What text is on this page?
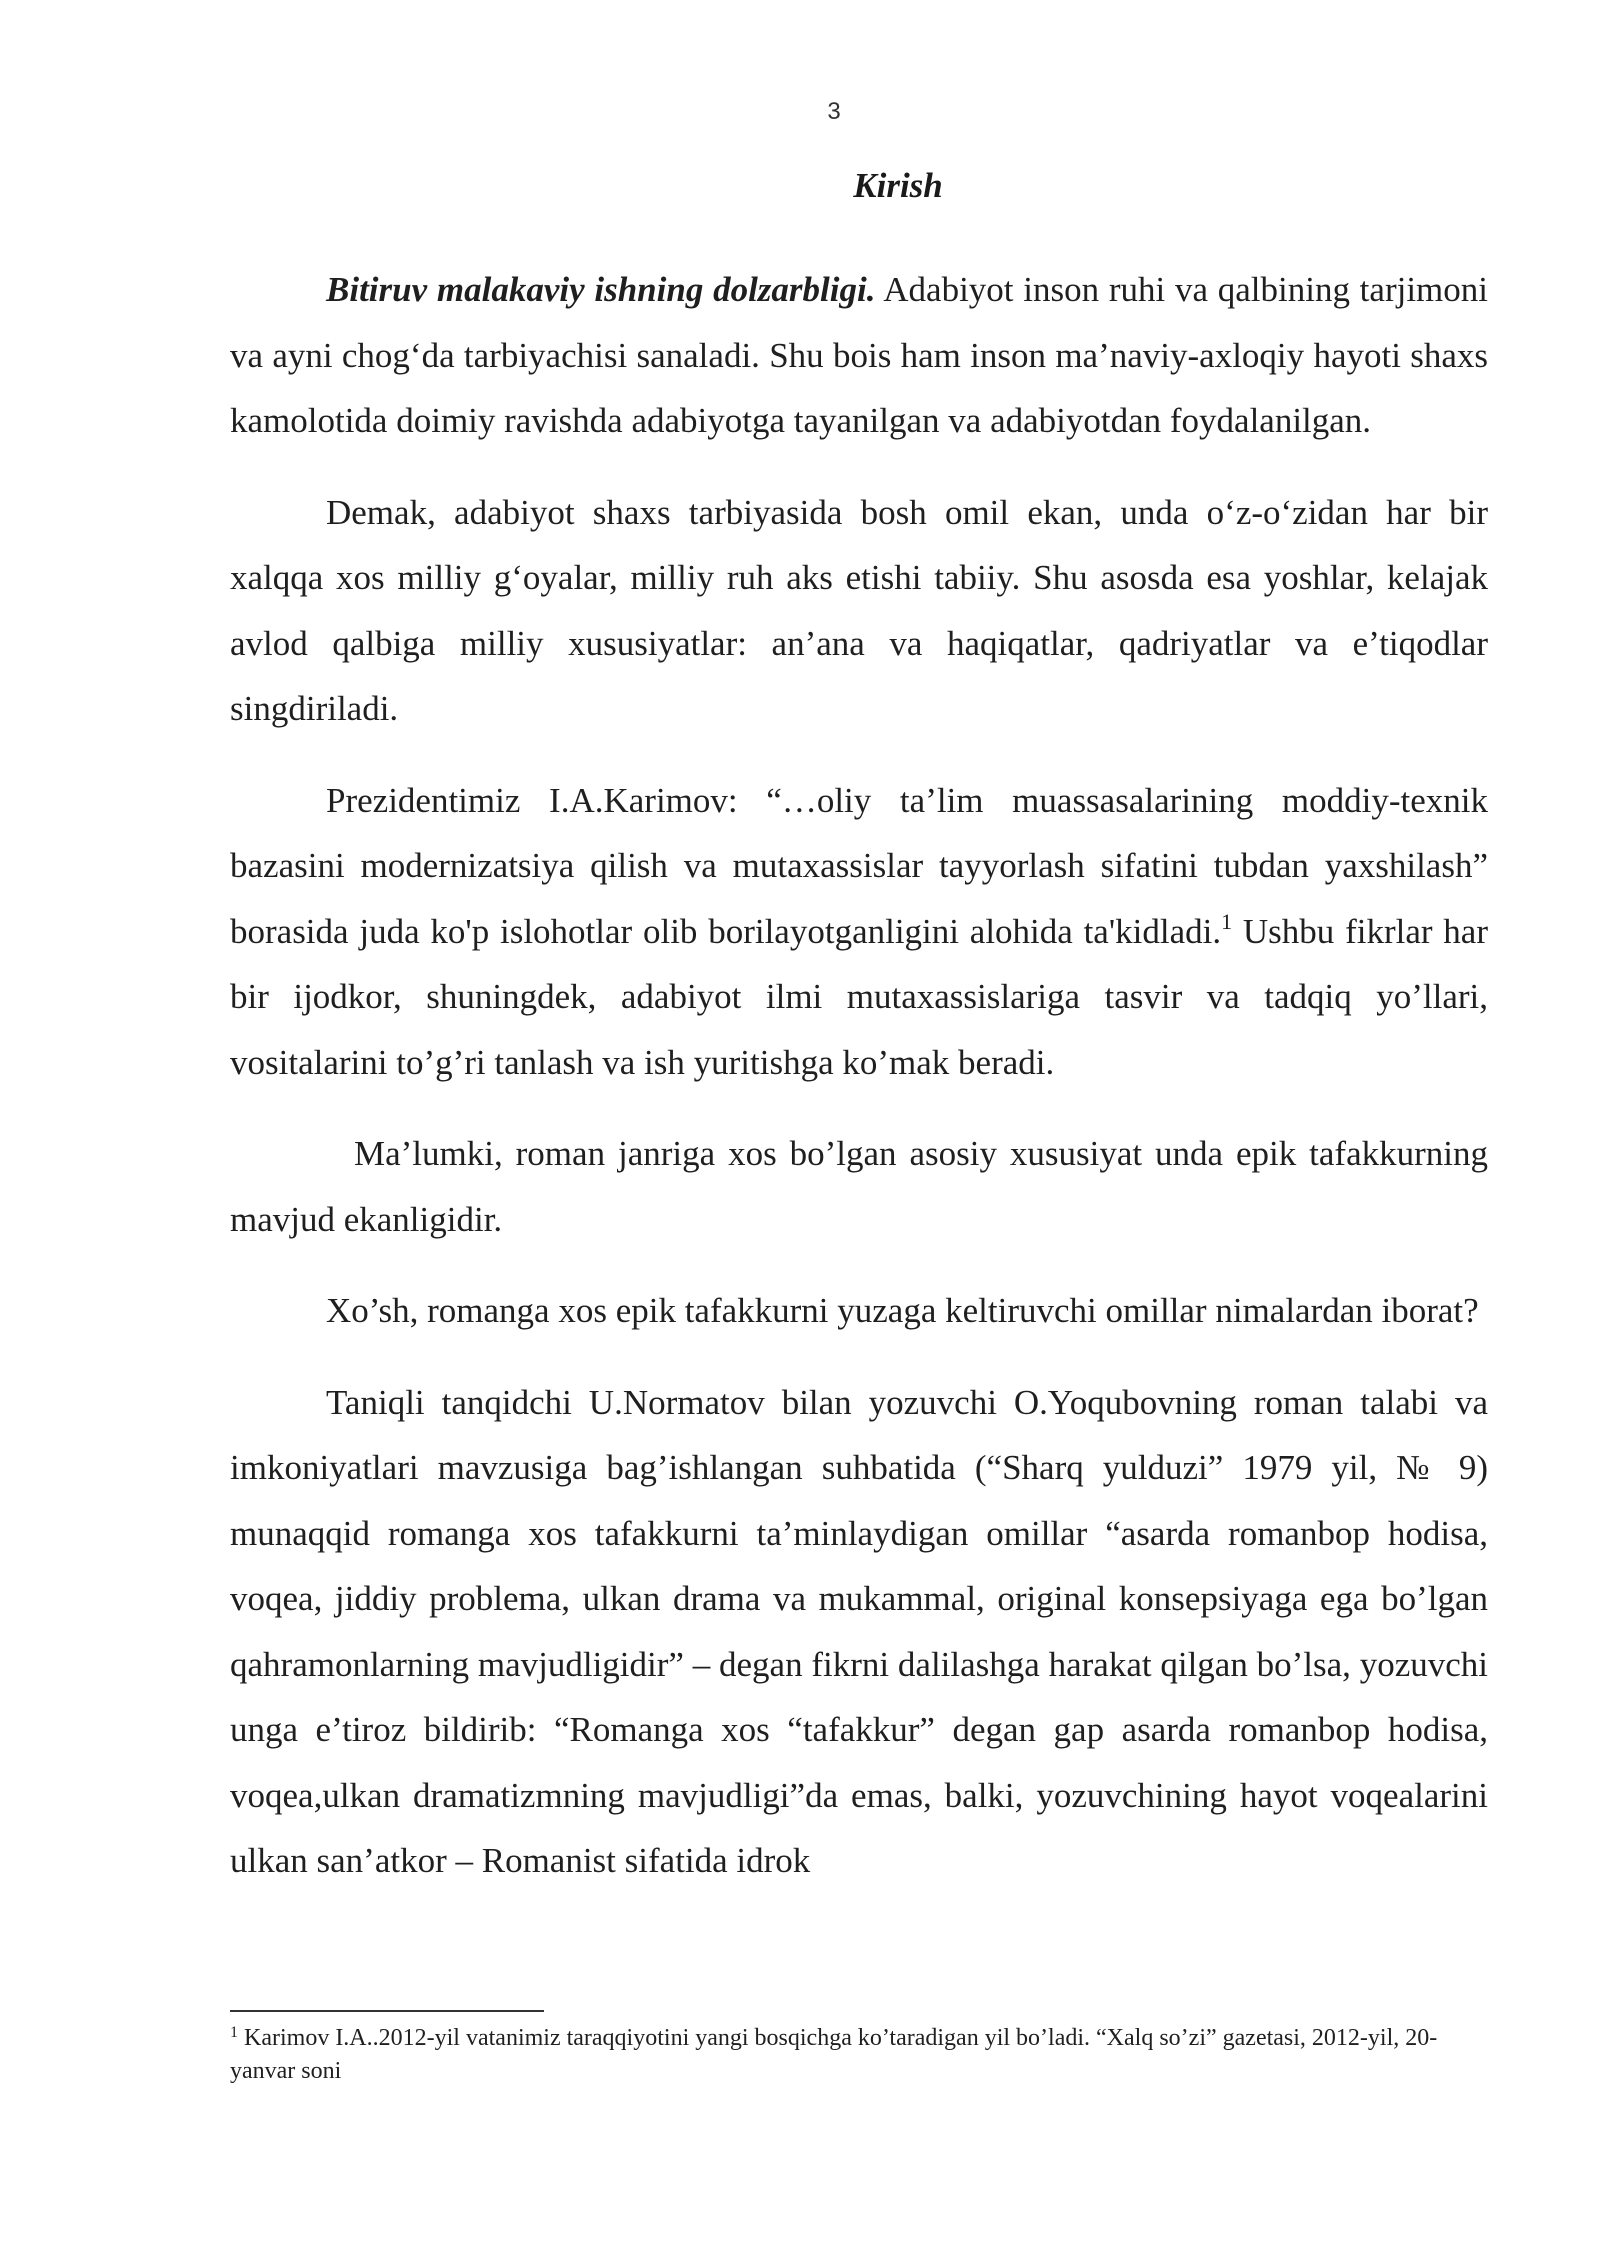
3
Kirish

Bitiruv malakaviy ishning dolzarbligi. Adabiyot inson ruhi va qalbining tarjimoni va ayni chog‘da tarbiyachisi sanaladi. Shu bois ham inson ma’naviy-axloqiy hayoti shaxs kamolotida doimiy ravishda adabiyotga tayanilgan va adabiyotdan foydalanilgan.

Demak, adabiyot shaxs tarbiyasida bosh omil ekan, unda o‘z-o‘zidan har bir xalqqa xos milliy g‘oyalar, milliy ruh aks etishi tabiiy. Shu asosda esa yoshlar, kelajak avlod qalbiga milliy xususiyatlar: an’ana va haqiqatlar, qadriyatlar va e’tiqodlar singdiriladi.

Prezidentimiz I.A.Karimov: “…oliy ta’lim muassasalarining moddiy-texnik bazasini modernizatsiya qilish va mutaxassislar tayyorlash sifatini tubdan yaxshilash” borasida juda ko'p islohotlar olib borilayotganligini alohida ta'kidladi.$^1$ Ushbu fikrlar har bir ijodkor, shuningdek, adabiyot ilmi mutaxassislariga tasvir va tadqiq yo’llari, vositalarini to’g’ri tanlash va ish yuritishga ko’mak beradi.

Ma’lumki, roman janriga xos bo’lgan asosiy xususiyat unda epik tafakkurning mavjud ekanligidir.

Xo’sh, romanga xos epik tafakkurni yuzaga keltiruvchi omillar nimalardan iborat?

Taniqli tanqidchi U.Normatov bilan yozuvchi O.Yoqubovning roman talabi va imkoniyatlari mavzusiga bag’ishlangan suhbatida (“Sharq yulduzi” 1979 yil, № 9) munaqqid romanga xos tafakkurni ta’minlaydigan omillar “asarda romanbop hodisa, voqea, jiddiy problema, ulkan drama va mukammal, original konsepsiyaga ega bo’lgan qahramonlarning mavjudligidir” – degan fikrni dalilashga harakat qilgan bo’lsa, yozuvchi unga e’tiroz bildirib: “Romanga xos “tafakkur” degan gap asarda romanbop hodisa, voqea,ulkan dramatizmning mavjudligi”da emas, balki, yozuvchining hayot voqealarini ulkan san’atkor – Romanist sifatida idrok

$^1$ Karimov I.A..2012-yil vatanimiz taraqqiyotini yangi bosqichga ko’taradigan yil bo’ladi. “Xalq so’zi” gazetasi, 2012-yil, 20-yanvar soni
